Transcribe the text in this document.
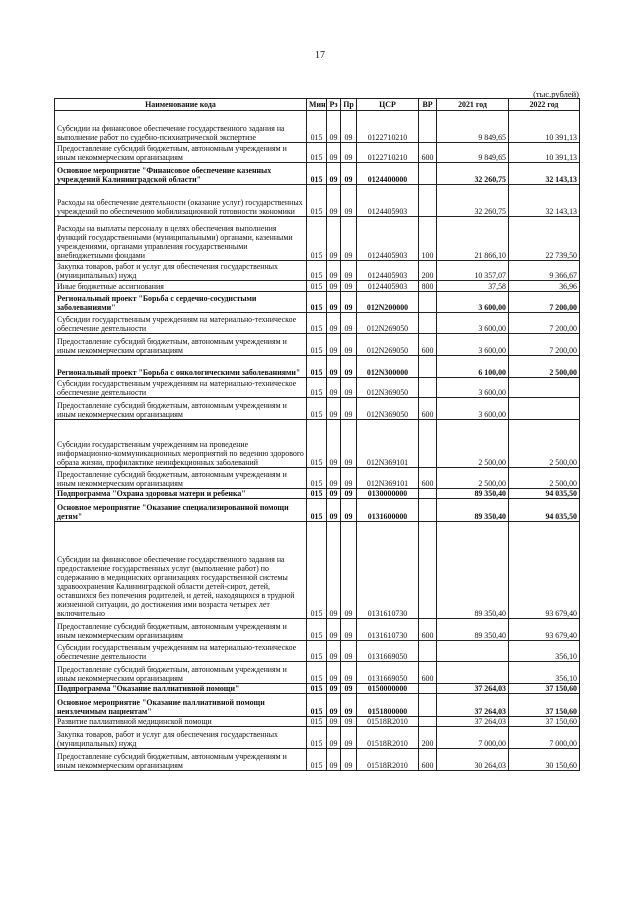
17
(тыс.рублей)
Наименование кода	Мин	Рз	Пр	ЦСР	ВР	2021 год	2022 год
Субсидии на финансовое обеспечение государственного задания на выполнение работ по судебно-психиатрической экспертизе	015	09	09	0122710210		9 849,65	10 391,13
Предоставление субсидий бюджетным, автономным учреждениям и иным некоммерческим организациям	015	09	09	0122710210	600	9 849,65	10 391,13
Основное мероприятие "Финансовое обеспечение казенных учреждений Калининградской области"	015	09	09	0124400000		32 260,75	32 143,13
Расходы на обеспечение деятельности (оказание услуг) государственных учреждений по обеспечению мобилизационной готовности экономики	015	09	09	0124405903		32 260,75	32 143,13
Расходы на выплаты персоналу в целях обеспечения выполнения функций государственными (муниципальными) органами, казенными учреждениями, органами управления государственными внебюджетными фондами	015	09	09	0124405903	100	21 866,10	22 739,50
Закупка товаров, работ и услуг для обеспечения государственных (муниципальных) нужд	015	09	09	0124405903	200	10 357,07	9 366,67
Иные бюджетные ассигнования	015	09	09	0124405903	800	37,58	36,96
Региональный проект "Борьба с сердечно-сосудистыми заболеваниями"	015	09	09	012N200000		3 600,00	7 200,00
Субсидии государственным учреждениям на материально-техническое обеспечение деятельности	015	09	09	012N269050		3 600,00	7 200,00
Предоставление субсидий бюджетным, автономным учреждениям и иным некоммерческим организациям	015	09	09	012N269050	600	3 600,00	7 200,00
Региональный проект "Борьба с онкологическими заболеваниями"	015	09	09	012N300000		6 100,00	2 500,00
Субсидии государственным учреждениям на материально-техническое обеспечение деятельности	015	09	09	012N369050		3 600,00	
Предоставление субсидий бюджетным, автономным учреждениям и иным некоммерческим организациям	015	09	09	012N369050	600	3 600,00	
Субсидии государственным учреждениям на проведение информационно-коммуникационных мероприятий по ведению здорового образа жизни, профилактике неинфекционных заболеваний	015	09	09	012N369101		2 500,00	2 500,00
Предоставление субсидий бюджетным, автономным учреждениям и иным некоммерческим организациям	015	09	09	012N369101	600	2 500,00	2 500,00
Подпрограмма "Охрана здоровья матери и ребенка"	015	09	09	0130000000		89 350,40	94 035,50
Основное мероприятие "Оказание специализированной помощи детям"	015	09	09	0131600000		89 350,40	94 035,50
Субсидии на финансовое обеспечение государственного задания на предоставление государственных услуг (выполнение работ) по содержанию в медицинских организациях государственной системы здравоохранения Калининградской области детей-сирот, детей, оставшихся без попечения родителей, и детей, находящихся в трудной жизненной ситуации, до достижения ими возраста четырех лет включительно	015	09	09	0131610730		89 350,40	93 679,40
Предоставление субсидий бюджетным, автономным учреждениям и иным некоммерческим организациям	015	09	09	0131610730	600	89 350,40	93 679,40
Субсидии государственным учреждениям на материально-техническое обеспечение деятельности	015	09	09	0131669050			356,10
Предоставление субсидий бюджетным, автономным учреждениям и иным некоммерческим организациям	015	09	09	0131669050	600		356,10
Подпрограмма "Оказание паллиативной помощи"	015	09	09	0150000000		37 264,03	37 150,60
Основное мероприятие "Оказание паллиативной помощи неизлечимым пациентам"	015	09	09	0151800000		37 264,03	37 150,60
Развитие паллиативной медицинской помощи	015	09	09	01518R2010		37 264,03	37 150,60
Закупка товаров, работ и услуг для обеспечения государственных (муниципальных) нужд	015	09	09	01518R2010	200	7 000,00	7 000,00
Предоставление субсидий бюджетным, автономным учреждениям и иным некоммерческим организациям	015	09	09	01518R2010	600	30 264,03	30 150,60
